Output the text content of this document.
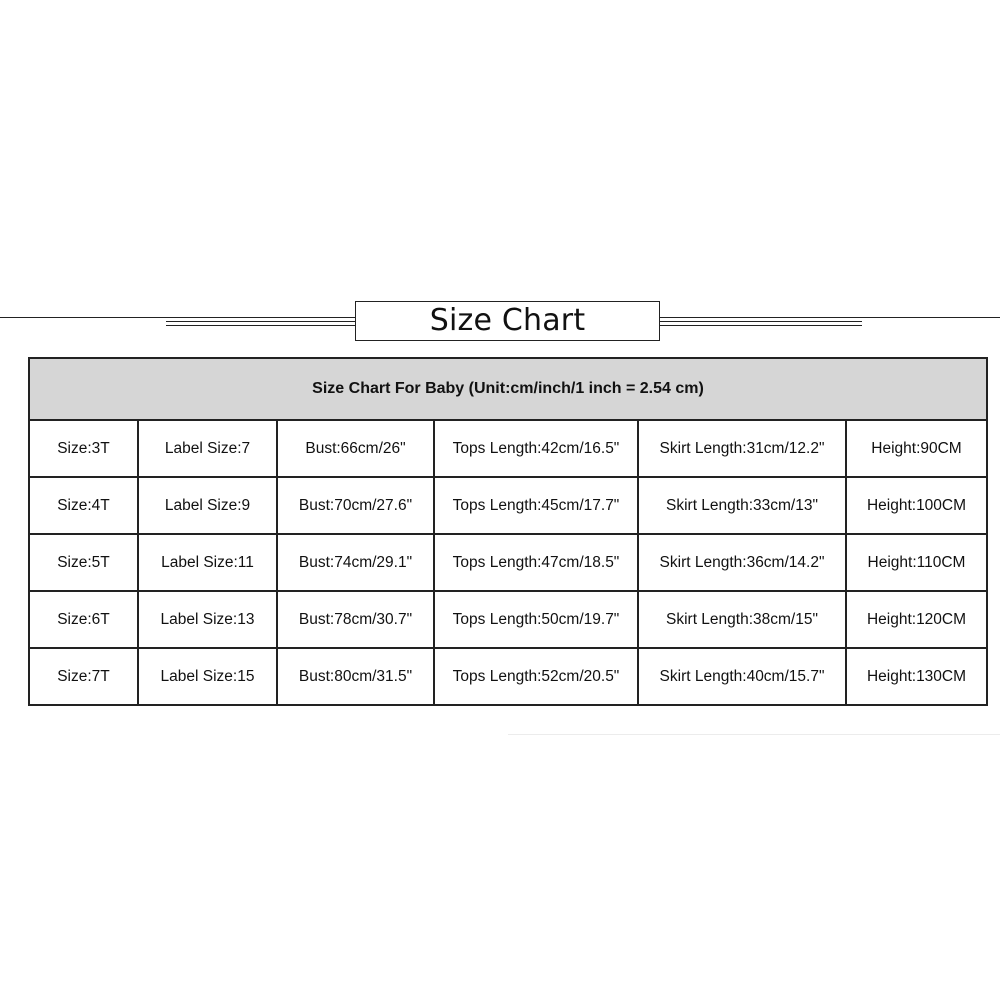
Size Chart
Size Chart For Baby (Unit:cm/inch/1 inch = 2.54 cm)					
Size:3T	Label Size:7	Bust:66cm/26"	Tops Length:42cm/16.5"	Skirt Length:31cm/12.2"	Height:90CM
Size:4T	Label Size:9	Bust:70cm/27.6"	Tops Length:45cm/17.7"	Skirt Length:33cm/13"	Height:100CM
Size:5T	Label Size:11	Bust:74cm/29.1"	Tops Length:47cm/18.5"	Skirt Length:36cm/14.2"	Height:110CM
Size:6T	Label Size:13	Bust:78cm/30.7"	Tops Length:50cm/19.7"	Skirt Length:38cm/15"	Height:120CM
Size:7T	Label Size:15	Bust:80cm/31.5"	Tops Length:52cm/20.5"	Skirt Length:40cm/15.7"	Height:130CM
